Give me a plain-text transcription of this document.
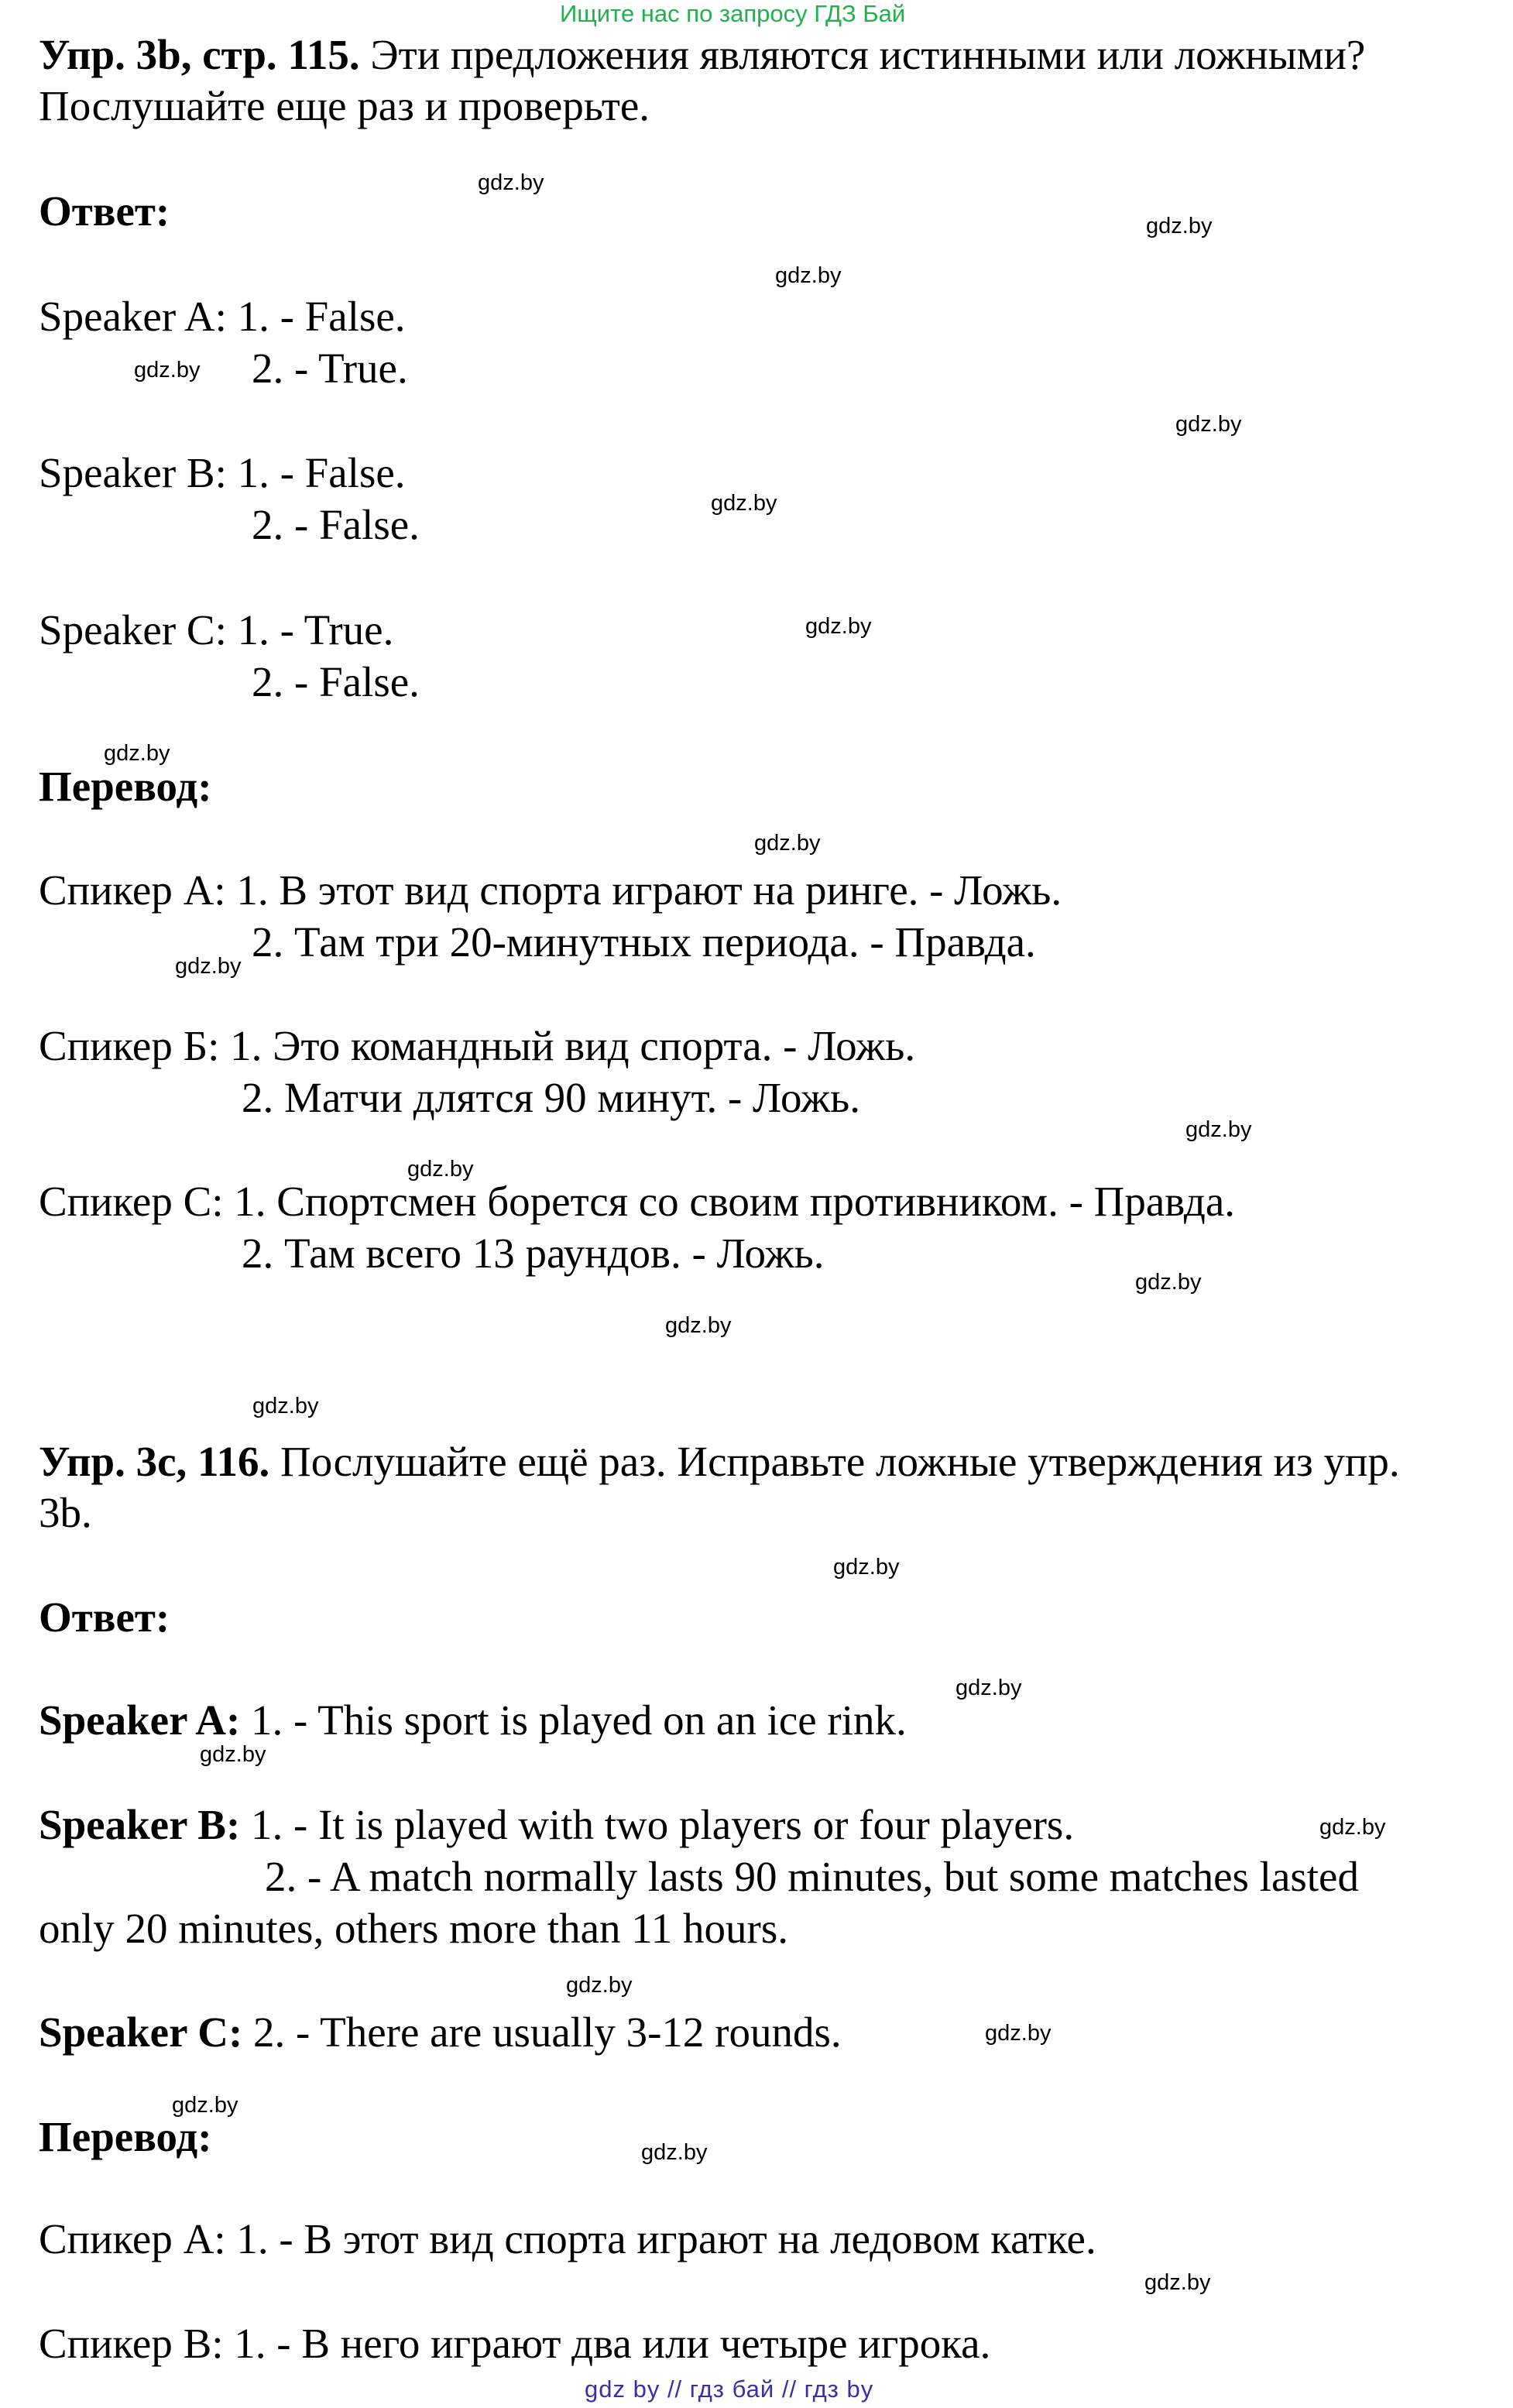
Ищите нас по запросу ГДЗ Бай
Упр. 3b, стр. 115. Эти предложения являются истинными или ложными?
Послушайте еще раз и проверьте.
Ответ:
Speaker A: 1. - False.
2. - True.
Speaker B: 1. - False.
2. - False.
Speaker C: 1. - True.
2. - False.
Перевод:
Спикер А: 1. В этот вид спорта играют на ринге. - Ложь.
2. Там три 20-минутных периода. - Правда.
Спикер Б: 1. Это командный вид спорта. - Ложь.
2. Матчи длятся 90 минут. - Ложь.
Спикер С: 1. Спортсмен борется со своим противником. - Правда.
2. Там всего 13 раундов. - Ложь.
Упр. 3с, 116. Послушайте ещё раз. Исправьте ложные утверждения из упр.
3b.
Ответ:
Speaker A: 1. - This sport is played on an ice rink.
Speaker B: 1. - It is played with two players or four players.
2. - A match normally lasts 90 minutes, but some matches lasted
only 20 minutes, others more than 11 hours.
Speaker C: 2. - There are usually 3-12 rounds.
Перевод:
Спикер А: 1. - В этот вид спорта играют на ледовом катке.
Спикер В: 1. - В него играют два или четыре игрока.
gdz.by
gdz.by
gdz.by
gdz.by
gdz.by
gdz.by
gdz.by
gdz.by
gdz.by
gdz.by
gdz.by
gdz.by
gdz.by
gdz.by
gdz.by
gdz.by
gdz.by
gdz.by
gdz.by
gdz.by
gdz.by
gdz.by
gdz.by
gdz.by
gdz by // гдз бай // гдз by
